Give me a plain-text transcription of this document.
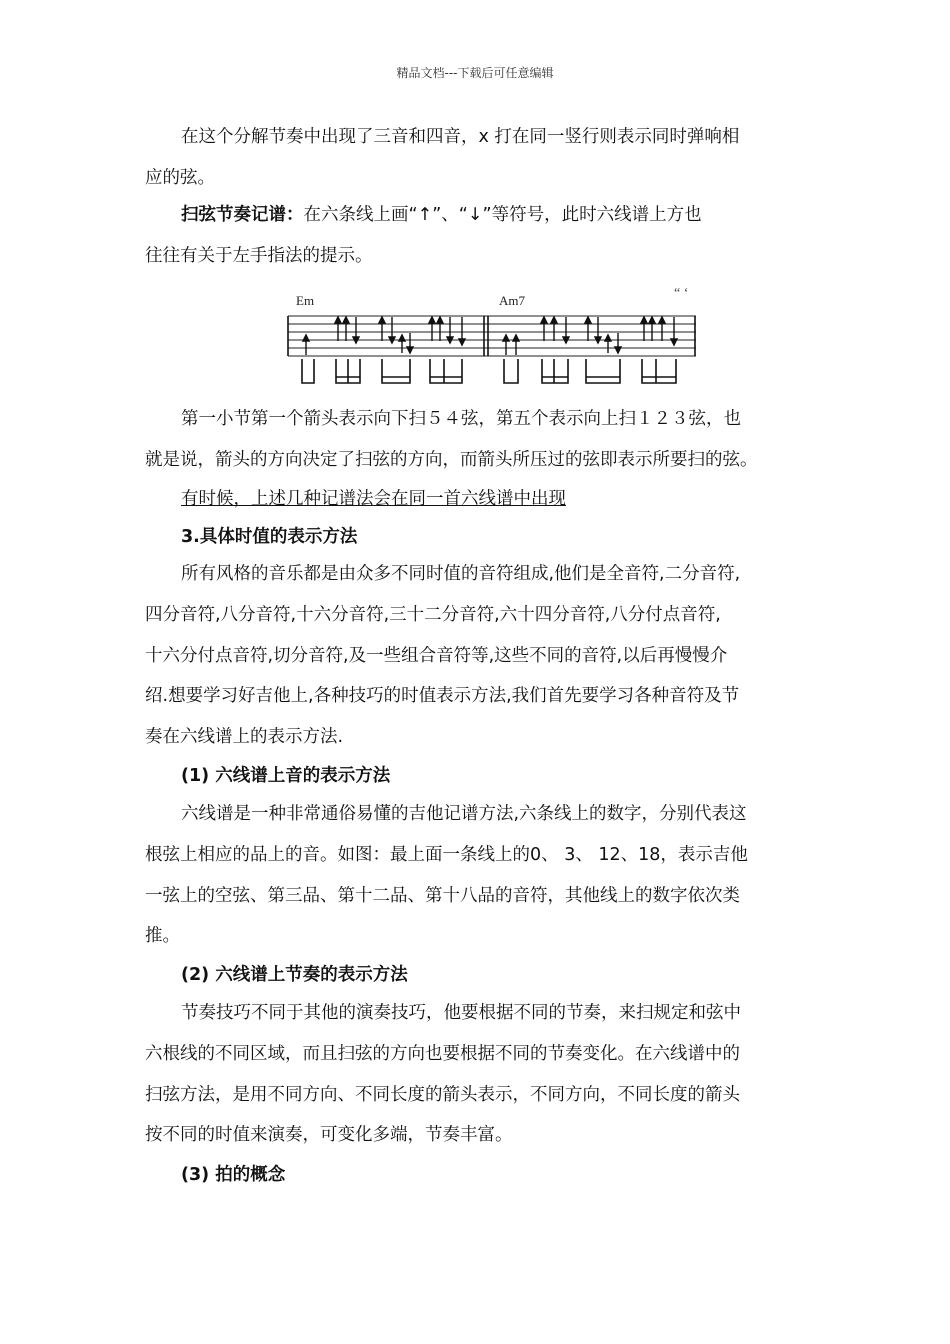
精品文档---下载后可任意编辑

在这个分解节奏中出现了三音和四音，x 打在同一竖行则表示同时弹响相

应的弦。

扫弦节奏记谱：在六条线上画“↑”、“↓”等符号，此时六线谱上方也

往往有关于左手指法的提示。

Em	Am7	“ ‘

第一小节第一个箭头表示向下扫５４弦，第五个表示向上扫１２３弦，也

就是说，箭头的方向决定了扫弦的方向，而箭头所压过的弦即表示所要扫的弦。

有时候，上述几种记谱法会在同一首六线谱中出现

3.具体时值的表示方法

所有风格的音乐都是由众多不同时值的音符组成,他们是全音符,二分音符,

四分音符,八分音符,十六分音符,三十二分音符,六十四分音符,八分付点音符,

十六分付点音符,切分音符,及一些组合音符等,这些不同的音符,以后再慢慢介

绍.想要学习好吉他上,各种技巧的时值表示方法,我们首先要学习各种音符及节

奏在六线谱上的表示方法.

(1) 六线谱上音的表示方法

六线谱是一种非常通俗易懂的吉他记谱方法,六条线上的数字，分别代表这

根弦上相应的品上的音。如图：最上面一条线上的0、 3、 12、18，表示吉他

一弦上的空弦、第三品、第十二品、第十八品的音符，其他线上的数字依次类

推。

(2) 六线谱上节奏的表示方法

节奏技巧不同于其他的演奏技巧，他要根据不同的节奏，来扫规定和弦中

六根线的不同区域，而且扫弦的方向也要根据不同的节奏变化。在六线谱中的

扫弦方法，是用不同方向、不同长度的箭头表示，不同方向，不同长度的箭头

按不同的时值来演奏，可变化多端，节奏丰富。

(3) 拍的概念
